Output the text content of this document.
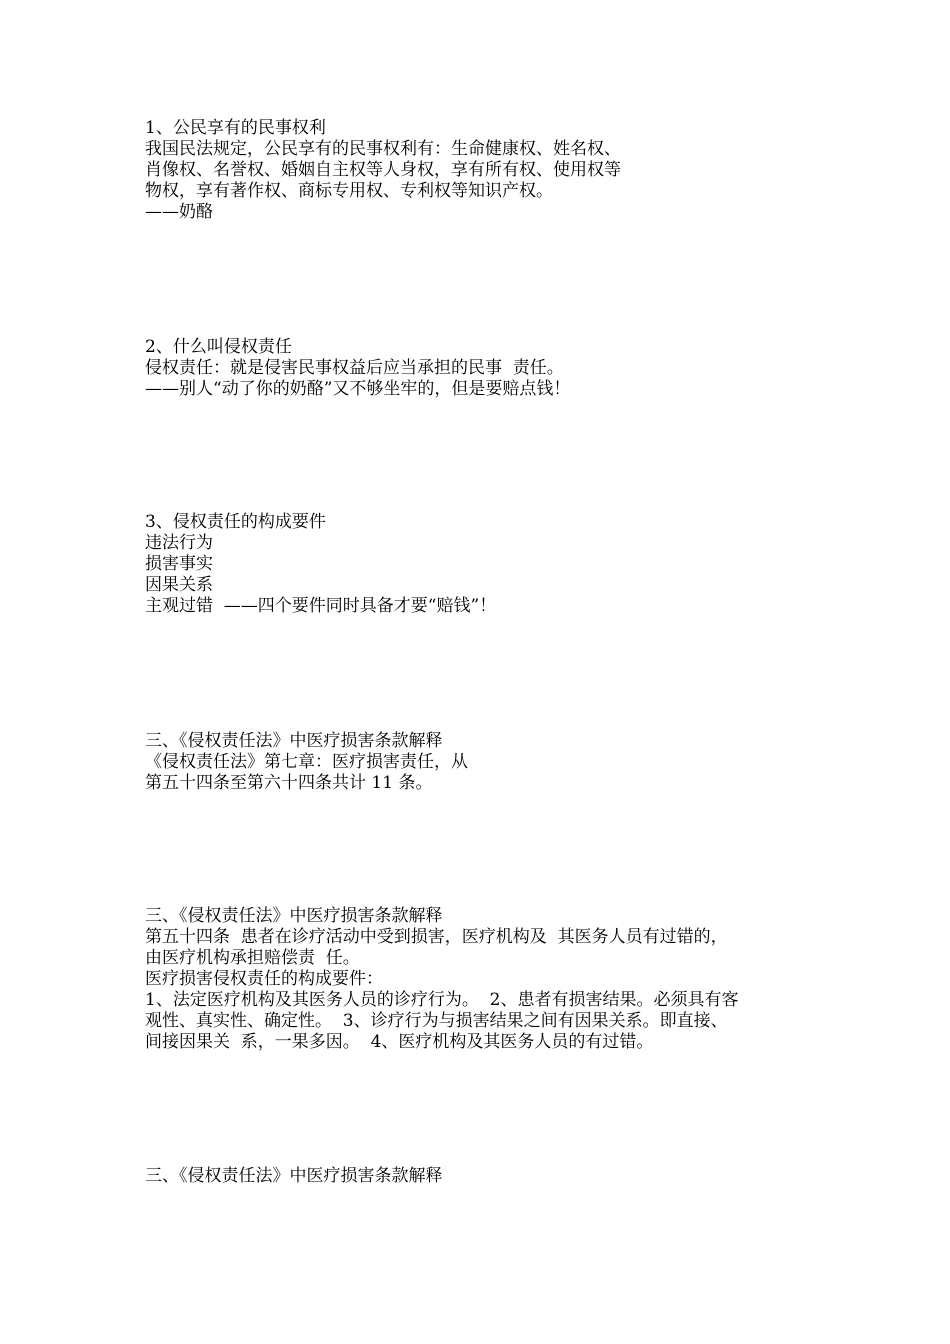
1、公民享有的民事权利
我国民法规定，公民享有的民事权利有：生命健康权、姓名权、
肖像权、名誉权、婚姻自主权等人身权，享有所有权、使用权等
物权，享有著作权、商标专用权、专利权等知识产权。
——奶酪
2、什么叫侵权责任
侵权责任：就是侵害民事权益后应当承担的民事  责任。
——别人“动了你的奶酪”又不够坐牢的，但是要赔点钱！
3、侵权责任的构成要件
违法行为
损害事实
因果关系
主观过错  ——四个要件同时具备才要“赔钱”！
三、《侵权责任法》中医疗损害条款解释
《侵权责任法》第七章：医疗损害责任，从
第五十四条至第六十四条共计 11 条。
三、《侵权责任法》中医疗损害条款解释
第五十四条  患者在诊疗活动中受到损害，医疗机构及  其医务人员有过错的，
由医疗机构承担赔偿责  任。
医疗损害侵权责任的构成要件：
1、法定医疗机构及其医务人员的诊疗行为。  2、患者有损害结果。必须具有客
观性、真实性、确定性。  3、诊疗行为与损害结果之间有因果关系。即直接、
间接因果关  系，一果多因。  4、医疗机构及其医务人员的有过错。
三、《侵权责任法》中医疗损害条款解释
